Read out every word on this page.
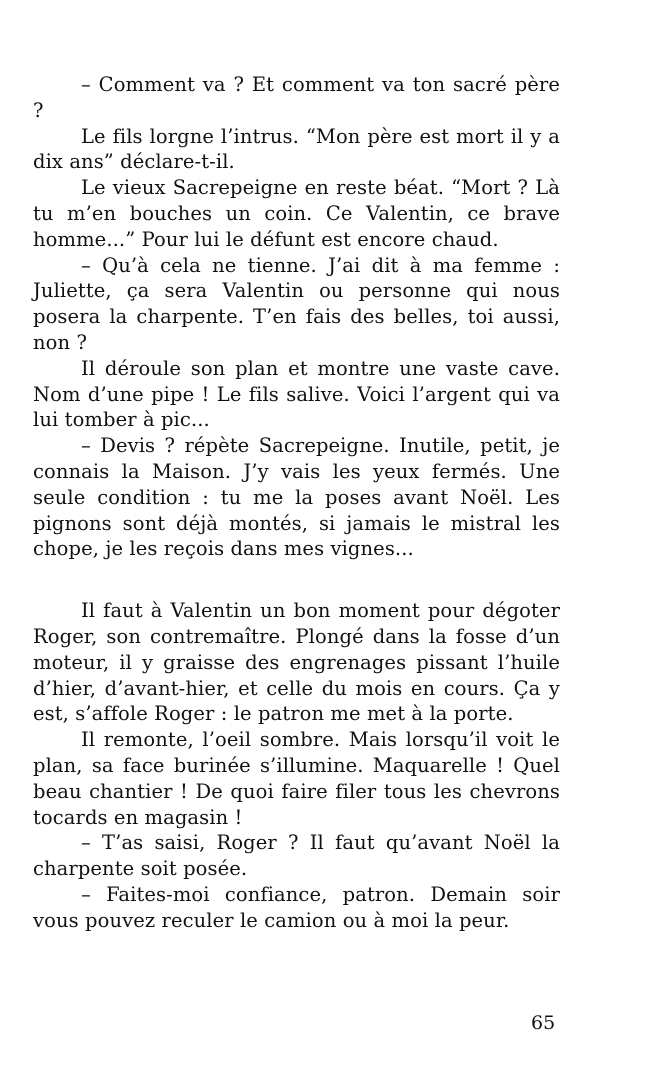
– Comment va ? Et comment va ton sacré père ?

Le fils lorgne l’intrus. “Mon père est mort il y a dix ans” déclare-t-il.

Le vieux Sacrepeigne en reste béat. “Mort ? Là tu m’en bouches un coin. Ce Valentin, ce brave homme...” Pour lui le défunt est encore chaud.

– Qu’à cela ne tienne. J’ai dit à ma femme : Juliette, ça sera Valentin ou personne qui nous posera la charpente. T’en fais des belles, toi aussi, non ?

Il déroule son plan et montre une vaste cave. Nom d’une pipe ! Le fils salive. Voici l’argent qui va lui tomber à pic...

– Devis ? répète Sacrepeigne. Inutile, petit, je connais la Maison. J’y vais les yeux fermés. Une seule condition : tu me la poses avant Noël. Les pignons sont déjà montés, si jamais le mistral les chope, je les reçois dans mes vignes...

Il faut à Valentin un bon moment pour dégoter Roger, son contremaître. Plongé dans la fosse d’un moteur, il y graisse des engrenages pissant l’huile d’hier, d’avant-hier, et celle du mois en cours. Ça y est, s’affole Roger : le patron me met à la porte.

Il remonte, l’oeil sombre. Mais lorsqu’il voit le plan, sa face burinée s’illumine. Maquarelle ! Quel beau chantier ! De quoi faire filer tous les chevrons tocards en magasin !

– T’as saisi, Roger ? Il faut qu’avant Noël la charpente soit posée.

– Faites-moi confiance, patron. Demain soir vous pouvez reculer le camion ou à moi la peur.

65
